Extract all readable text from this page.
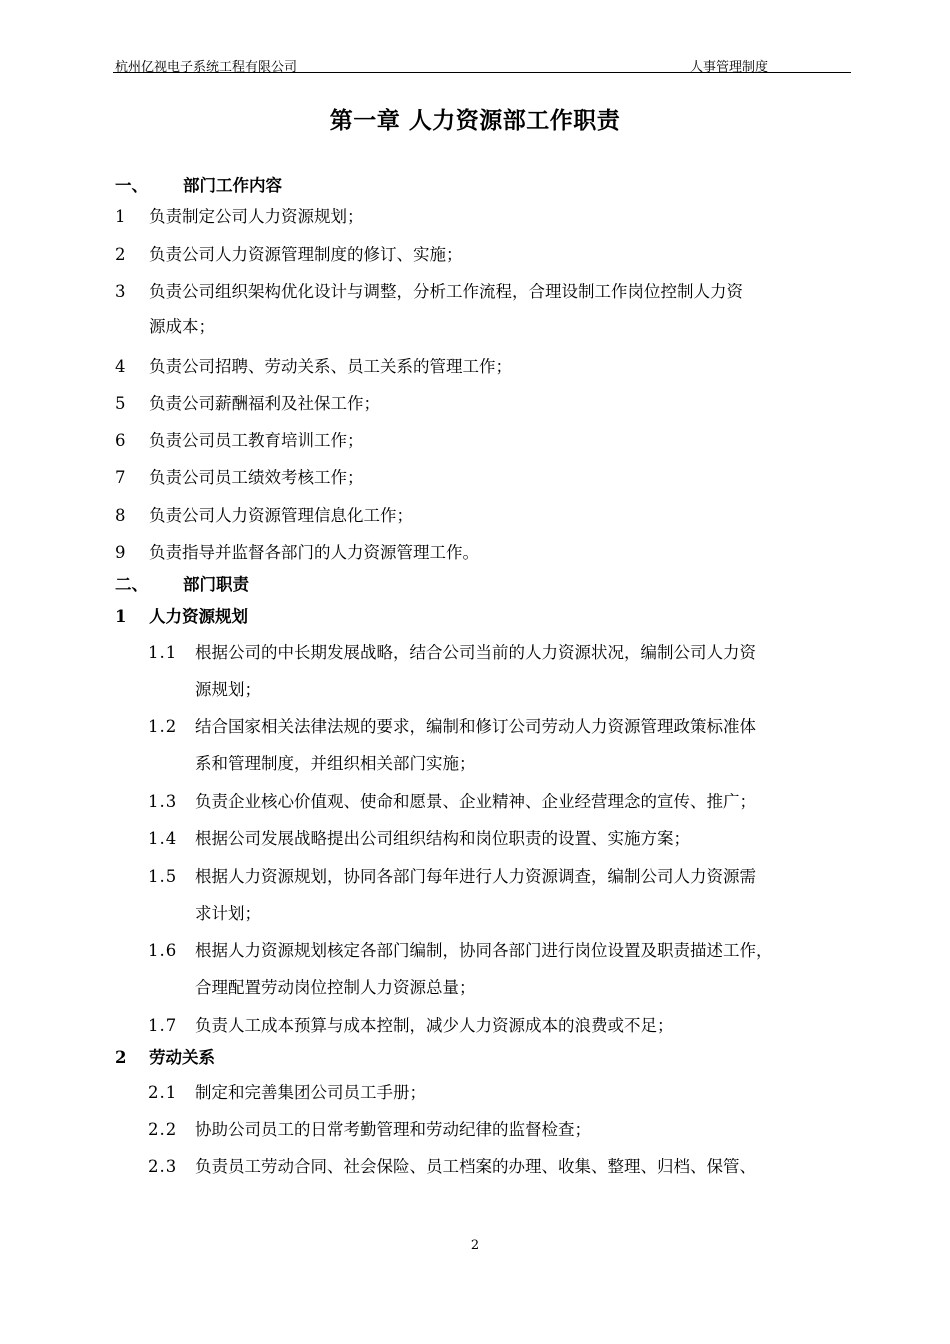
杭州亿视电子系统工程有限公司	人事管理制度
第一章 人力资源部工作职责
一、 部门工作内容
1 负责制定公司人力资源规划；
2 负责公司人力资源管理制度的修订、实施；
3 负责公司组织架构优化设计与调整，分析工作流程，合理设制工作岗位控制人力资
源成本；
4 负责公司招聘、劳动关系、员工关系的管理工作；
5 负责公司薪酬福利及社保工作；
6 负责公司员工教育培训工作；
7 负责公司员工绩效考核工作；
8 负责公司人力资源管理信息化工作；
9 负责指导并监督各部门的人力资源管理工作。
二、 部门职责
1 人力资源规划
1.1 根据公司的中长期发展战略，结合公司当前的人力资源状况，编制公司人力资
源规划；
1.2 结合国家相关法律法规的要求，编制和修订公司劳动人力资源管理政策标准体
系和管理制度，并组织相关部门实施；
1.3 负责企业核心价值观、使命和愿景、企业精神、企业经营理念的宣传、推广；
1.4 根据公司发展战略提出公司组织结构和岗位职责的设置、实施方案；
1.5 根据人力资源规划，协同各部门每年进行人力资源调查，编制公司人力资源需
求计划；
1.6 根据人力资源规划核定各部门编制，协同各部门进行岗位设置及职责描述工作，
合理配置劳动岗位控制人力资源总量；
1.7 负责人工成本预算与成本控制，减少人力资源成本的浪费或不足；
2 劳动关系
2.1 制定和完善集团公司员工手册；
2.2 协助公司员工的日常考勤管理和劳动纪律的监督检查；
2.3 负责员工劳动合同、社会保险、员工档案的办理、收集、整理、归档、保管、
2
